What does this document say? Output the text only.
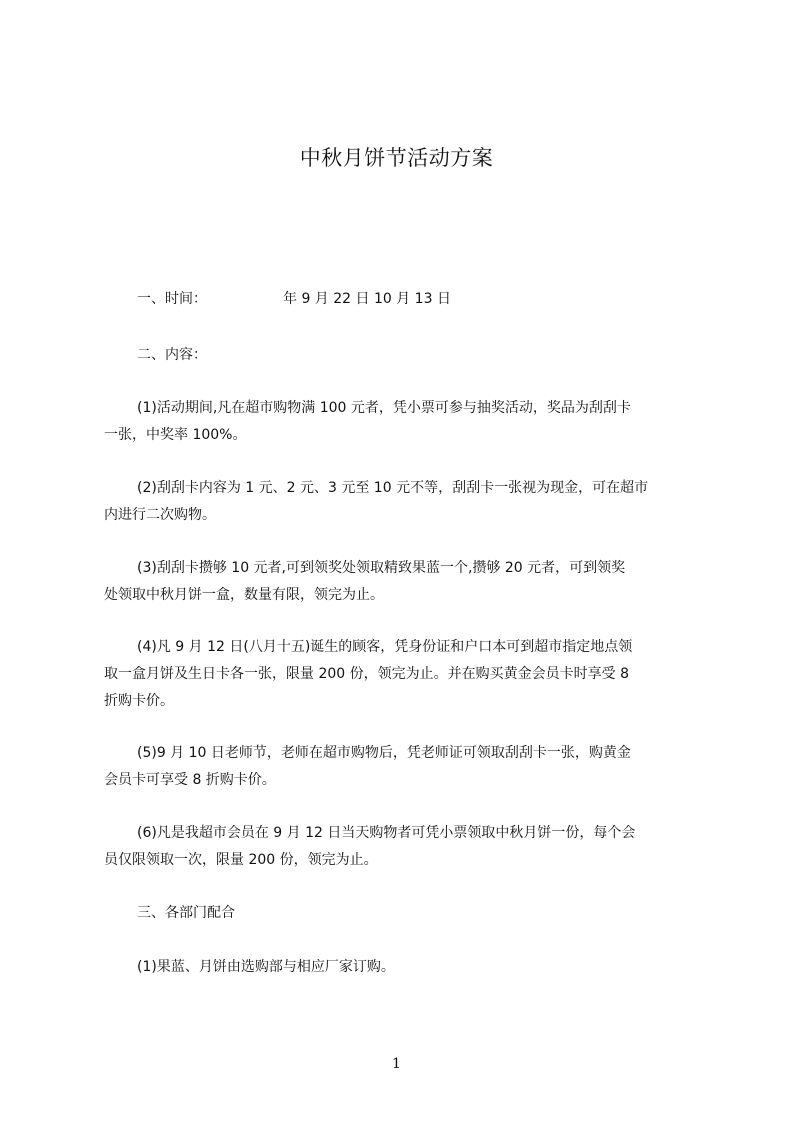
中秋月饼节活动方案

一、时间：	年 9 月 22 日 10 月 13 日

二、内容：

(1)活动期间,凡在超市购物满 100 元者，凭小票可参与抽奖活动，奖品为刮刮卡

一张，中奖率 100%。

(2)刮刮卡内容为 1 元、2 元、3 元至 10 元不等，刮刮卡一张视为现金，可在超市

内进行二次购物。

(3)刮刮卡攒够 10 元者,可到领奖处领取精致果蓝一个,攒够 20 元者，可到领奖

处领取中秋月饼一盒，数量有限，领完为止。

(4)凡 9 月 12 日(八月十五)诞生的顾客，凭身份证和户口本可到超市指定地点领

取一盒月饼及生日卡各一张，限量 200 份，领完为止。并在购买黄金会员卡时享受 8

折购卡价。

(5)9 月 10 日老师节，老师在超市购物后，凭老师证可领取刮刮卡一张，购黄金

会员卡可享受 8 折购卡价。

(6)凡是我超市会员在 9 月 12 日当天购物者可凭小票领取中秋月饼一份，每个会

员仅限领取一次，限量 200 份，领完为止。

三、各部门配合

(1)果蓝、月饼由选购部与相应厂家订购。

1
